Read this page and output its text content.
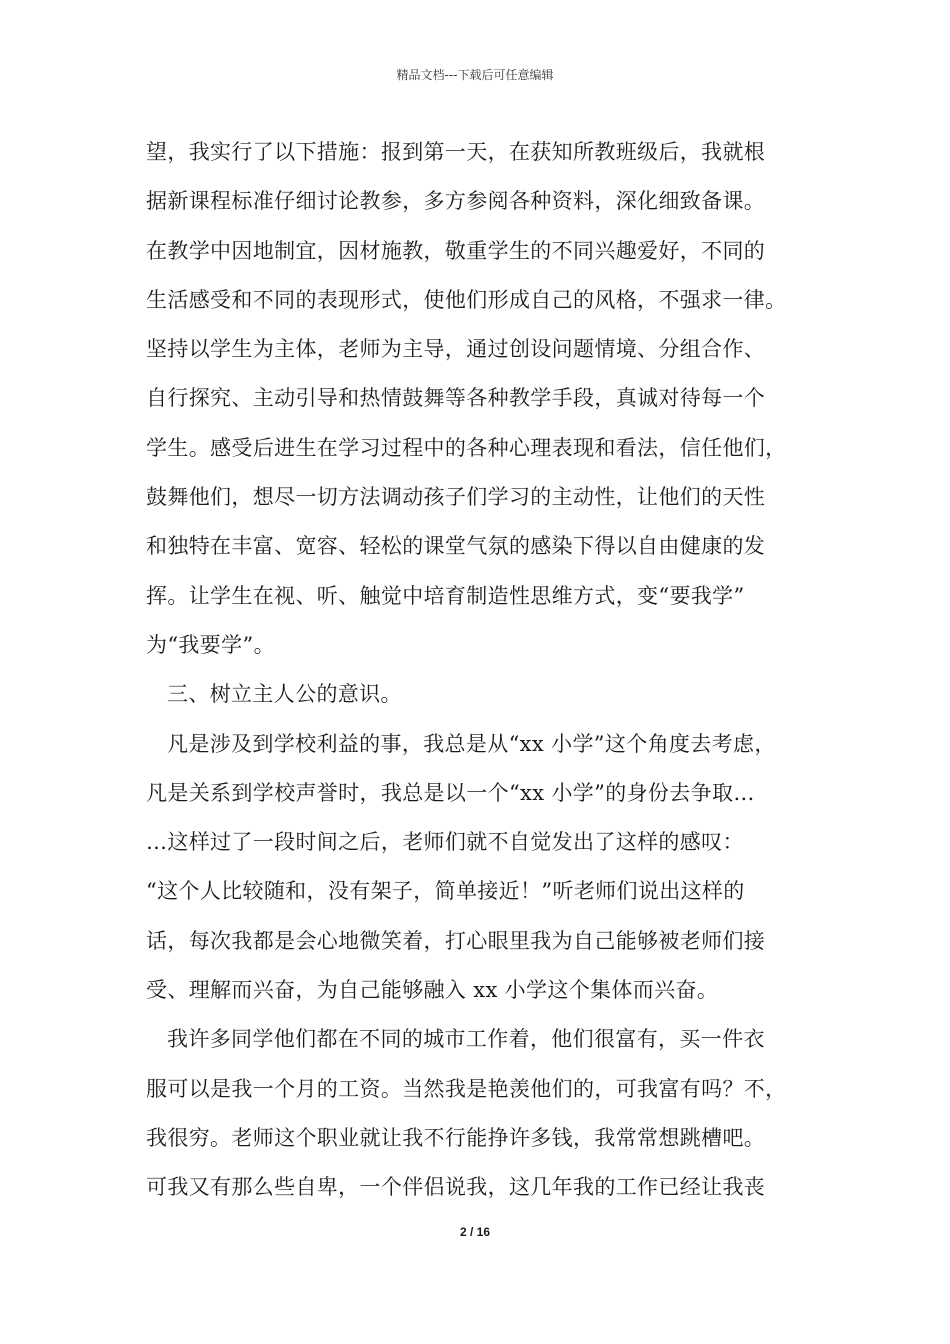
精品文档---下载后可任意编辑
望，我实行了以下措施：报到第一天，在获知所教班级后，我就根
据新课程标准仔细讨论教参，多方参阅各种资料，深化细致备课。
在教学中因地制宜，因材施教，敬重学生的不同兴趣爱好，不同的
生活感受和不同的表现形式，使他们形成自己的风格，不强求一律。
坚持以学生为主体，老师为主导，通过创设问题情境、分组合作、
自行探究、主动引导和热情鼓舞等各种教学手段，真诚对待每一个
学生。感受后进生在学习过程中的各种心理表现和看法，信任他们，
鼓舞他们，想尽一切方法调动孩子们学习的主动性，让他们的天性
和独特在丰富、宽容、轻松的课堂气氛的感染下得以自由健康的发
挥。让学生在视、听、触觉中培育制造性思维方式，变“要我学”
为“我要学”。
三、树立主人公的意识。
凡是涉及到学校利益的事，我总是从“xx 小学”这个角度去考虑，
凡是关系到学校声誉时，我总是以一个“xx 小学”的身份去争取…
…这样过了一段时间之后，老师们就不自觉发出了这样的感叹：
“这个人比较随和，没有架子，简单接近！”听老师们说出这样的
话，每次我都是会心地微笑着，打心眼里我为自己能够被老师们接
受、理解而兴奋，为自己能够融入 xx 小学这个集体而兴奋。
我许多同学他们都在不同的城市工作着，他们很富有，买一件衣
服可以是我一个月的工资。当然我是艳羡他们的，可我富有吗？不，
我很穷。老师这个职业就让我不行能挣许多钱，我常常想跳槽吧。
可我又有那么些自卑，一个伴侣说我，这几年我的工作已经让我丧
2 / 16
